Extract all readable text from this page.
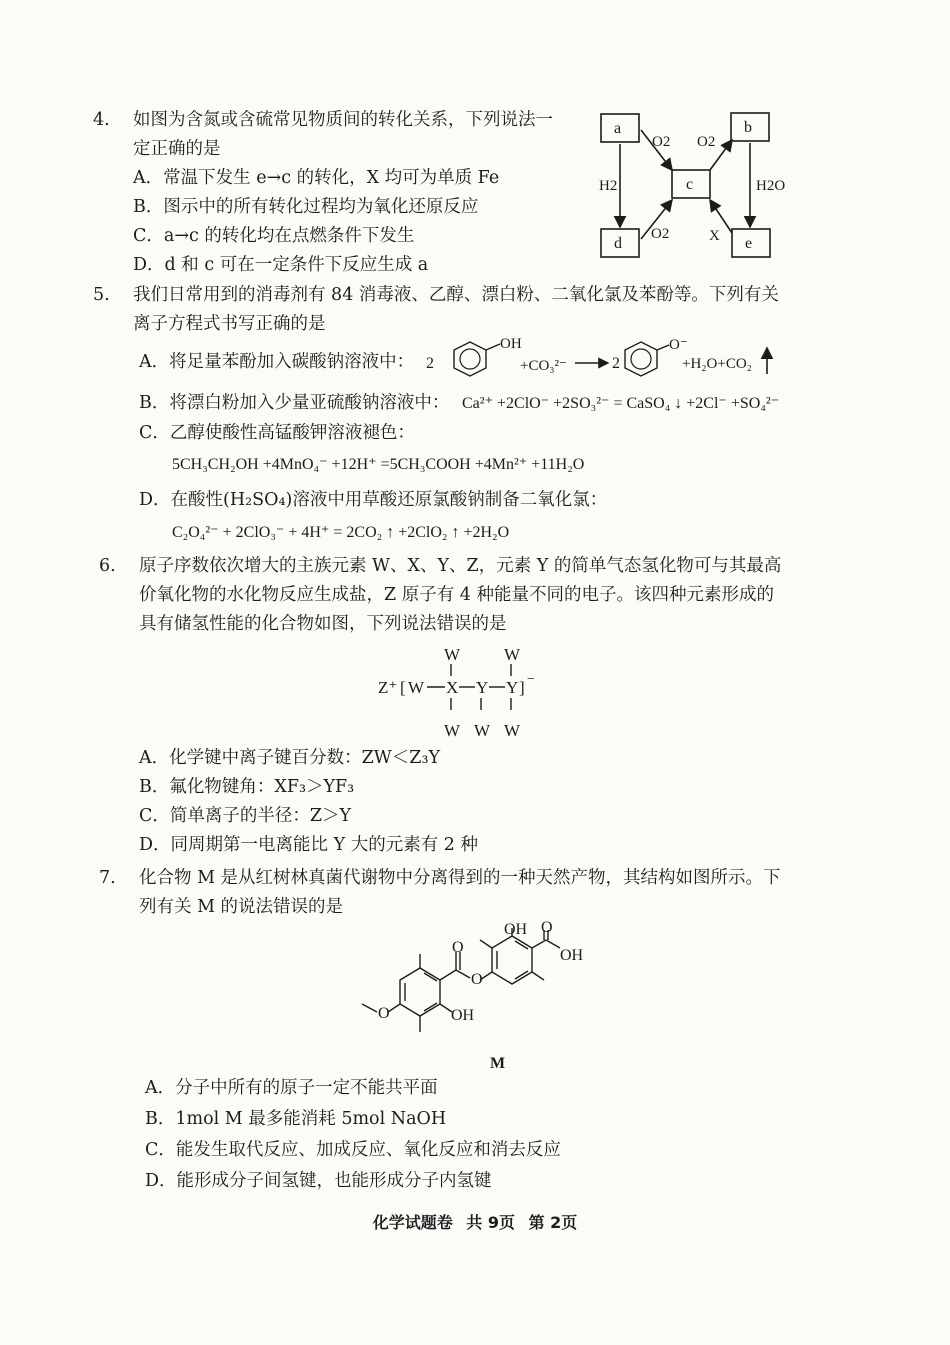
4. 如图为含氮或含硫常见物质间的转化关系，下列说法一
定正确的是
A．常温下发生 e→c 的转化，X 均可为单质 Fe
B．图示中的所有转化过程均为氧化还原反应
C．a→c 的转化均在点燃条件下发生
D．d 和 c 可在一定条件下反应生成 a
a	b
c
d	e
O2 O2
O2
H2	H2O
X
5. 我们日常用到的消毒剂有 84 消毒液、乙醇、漂白粉、二氧化氯及苯酚等。下列有关
离子方程式书写正确的是
A．将足量苯酚加入碳酸钠溶液中： 2
OH
+CO₃²⁻	2
O⁻
+H₂O+CO₂
B．将漂白粉加入少量亚硫酸钠溶液中： Ca²⁺ +2ClO⁻ +2SO₃²⁻ = CaSO₄ ↓ +2Cl⁻ +SO₄²⁻
C．乙醇使酸性高锰酸钾溶液褪色：
5CH₃CH₂OH +4MnO₄⁻ +12H⁺ =5CH₃COOH +4Mn²⁺ +11H₂O
D．在酸性(H₂SO₄)溶液中用草酸还原氯酸钠制备二氧化氯：
C₂O₄²⁻ + 2ClO₃⁻ + 4H⁺ = 2CO₂ ↑ +2ClO₂ ↑ +2H₂O
6. 原子序数依次增大的主族元素 W、X、Y、Z，元素 Y 的简单气态氢化物可与其最高
价氧化物的水化物反应生成盐，Z 原子有 4 种能量不同的电子。该四种元素形成的
具有储氢性能的化合物如图，下列说法错误的是
W	W
Z⁺ [ W X Y Y ] −
W W W
A．化学键中离子键百分数：ZW＜Z₃Y
B．氟化物键角：XF₃＞YF₃
C．简单离子的半径：Z＞Y
D．同周期第一电离能比 Y 大的元素有 2 种
7. 化合物 M 是从红树林真菌代谢物中分离得到的一种天然产物，其结构如图所示。下
列有关 M 的说法错误的是
OH O
OH
O
O
OH
O
M
A．分子中所有的原子一定不能共平面
B．1mol M 最多能消耗 5mol NaOH
C．能发生取代反应、加成反应、氧化反应和消去反应
D．能形成分子间氢键，也能形成分子内氢键
化学试题卷 共 9页 第 2页
